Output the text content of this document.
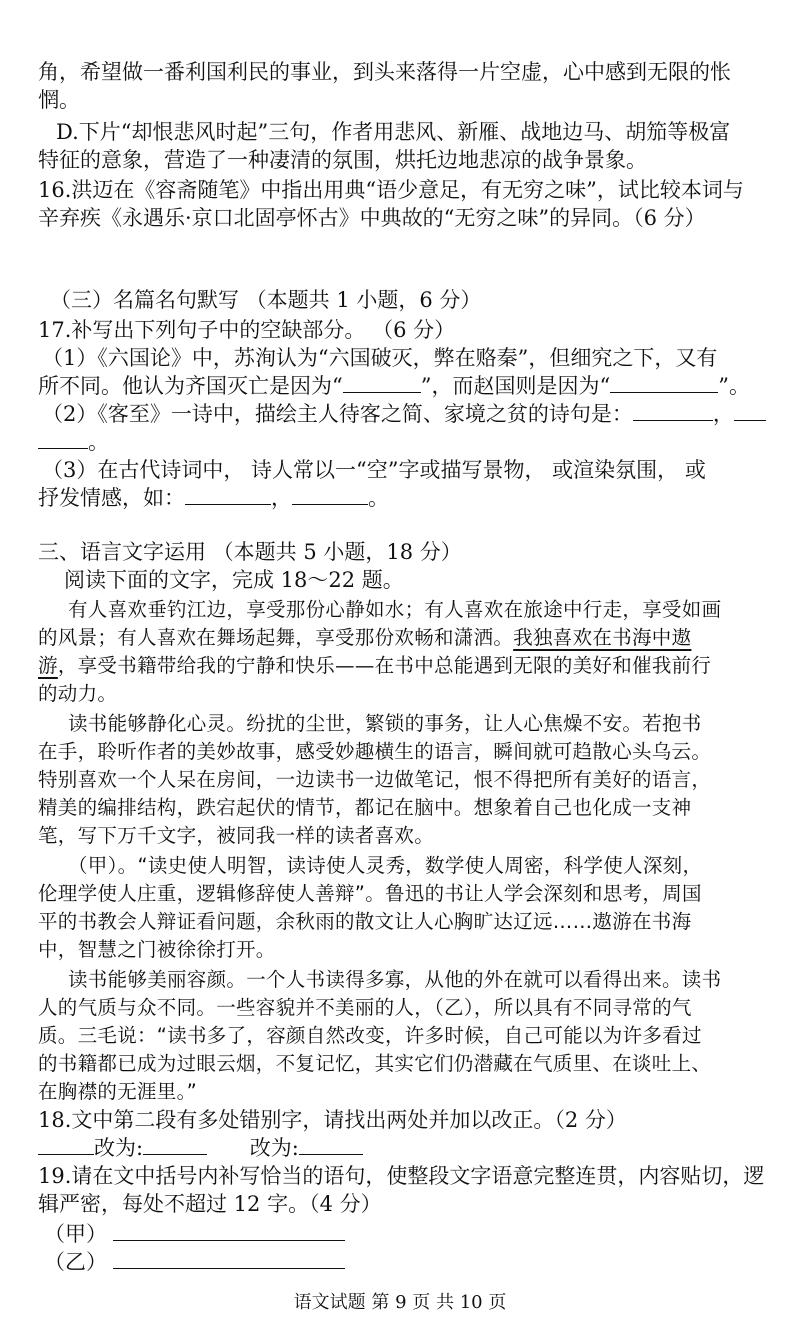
角，希望做一番利国利民的事业，到头来落得一片空虚，心中感到无限的怅
惘。
D.下片“却恨悲风时起”三句，作者用悲风、新雁、战地边马、胡笳等极富
特征的意象，营造了一种凄清的氛围，烘托边地悲凉的战争景象。
16.洪迈在《容斋随笔》中指出用典“语少意足，有无穷之味”，试比较本词与
辛弃疾《永遇乐·京口北固亭怀古》中典故的“无穷之味”的异同。（6 分）
（三）名篇名句默写 （本题共 1 小题，6 分）
17.补写出下列句子中的空缺部分。 （6 分）
（1）《六国论》中，苏洵认为“六国破灭，弊在赂秦”，但细究之下，又有
所不同。他认为齐国灭亡是因为“	”，而赵国则是因为“	”。
（2）《客至》一诗中，描绘主人待客之简、家境之贫的诗句是：	，
。
（3）在古代诗词中， 诗人常以一“空”字或描写景物， 或渲染氛围， 或
抒发情感，如：	，	。
三、语言文字运用 （本题共 5 小题，18 分）
阅读下面的文字，完成 18～22 题。
有人喜欢垂钓江边，享受那份心静如水；有人喜欢在旅途中行走，享受如画
的风景；有人喜欢在舞场起舞，享受那份欢畅和潇洒。我独喜欢在书海中遨
游，享受书籍带给我的宁静和快乐——在书中总能遇到无限的美好和催我前行
的动力。
读书能够静化心灵。纷扰的尘世，繁锁的事务，让人心焦燥不安。若抱书
在手，聆听作者的美妙故事，感受妙趣横生的语言，瞬间就可趋散心头乌云。
特别喜欢一个人呆在房间，一边读书一边做笔记，恨不得把所有美好的语言，
精美的编排结构，跌宕起伏的情节，都记在脑中。想象着自己也化成一支神
笔，写下万千文字，被同我一样的读者喜欢。
（甲）。“读史使人明智，读诗使人灵秀，数学使人周密，科学使人深刻，
伦理学使人庄重，逻辑修辞使人善辩”。鲁迅的书让人学会深刻和思考，周国
平的书教会人辩证看问题，余秋雨的散文让人心胸旷达辽远……遨游在书海
中，智慧之门被徐徐打开。
读书能够美丽容颜。一个人书读得多寡，从他的外在就可以看得出来。读书
人的气质与众不同。一些容貌并不美丽的人，（乙），所以具有不同寻常的气
质。三毛说：“读书多了，容颜自然改变，许多时候，自己可能以为许多看过
的书籍都已成为过眼云烟，不复记忆，其实它们仍潜藏在气质里、在谈吐上、
在胸襟的无涯里。”
18.文中第二段有多处错别字，请找出两处并加以改正。（2 分）
改为:	改为:
19.请在文中括号内补写恰当的语句，使整段文字语意完整连贯，内容贴切，逻
辑严密，每处不超过 12 字。（4 分）
（甲）
（乙）
语文试题 第 9 页 共 10 页
